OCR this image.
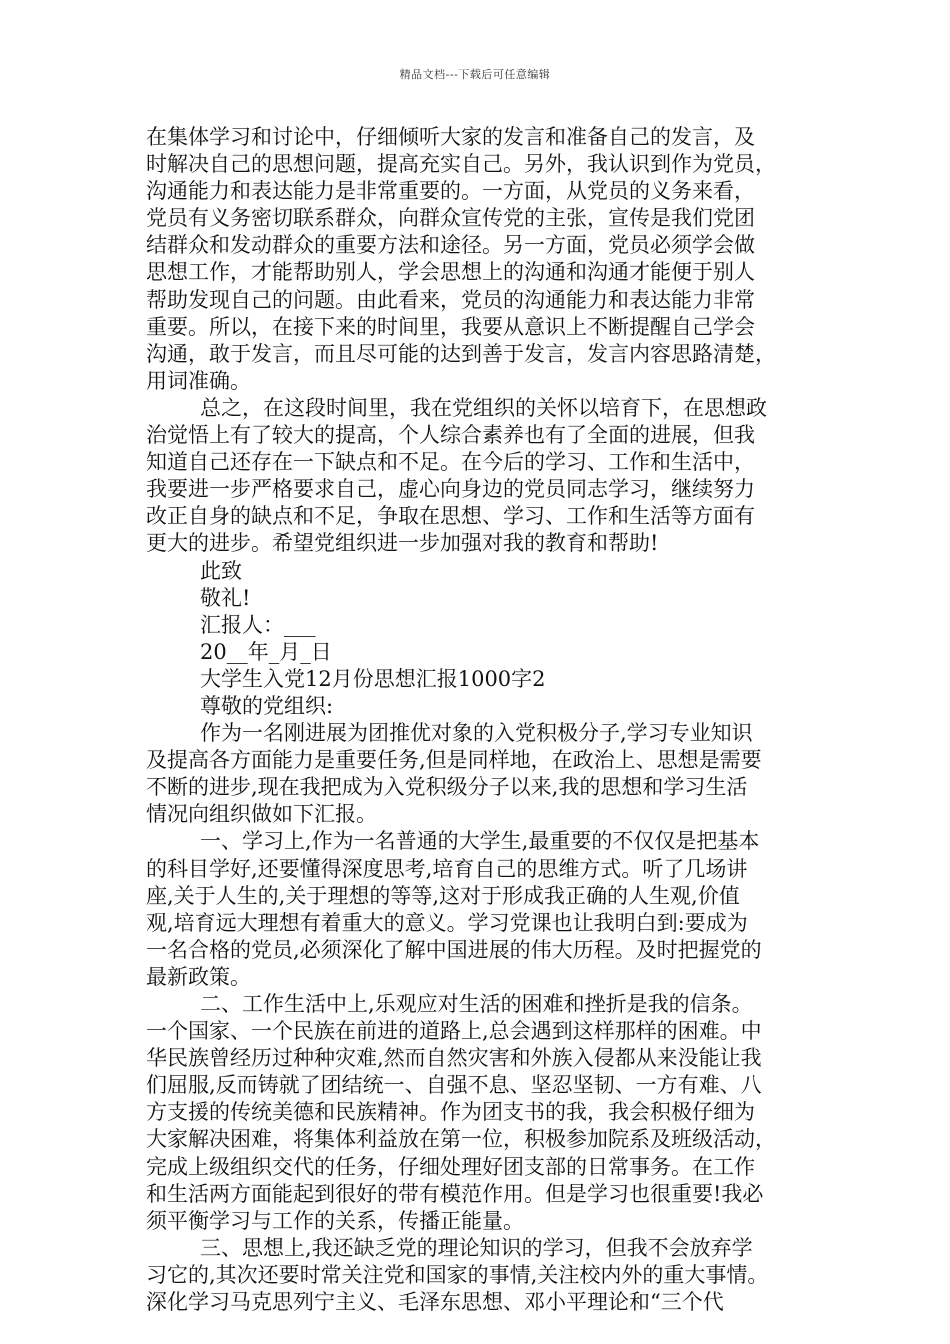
精品文档---下载后可任意编辑
在集体学习和讨论中，仔细倾听大家的发言和准备自己的发言，及
时解决自己的思想问题，提高充实自己。另外，我认识到作为党员，
沟通能力和表达能力是非常重要的。一方面，从党员的义务来看，
党员有义务密切联系群众，向群众宣传党的主张，宣传是我们党团
结群众和发动群众的重要方法和途径。另一方面，党员必须学会做
思想工作，才能帮助别人，学会思想上的沟通和沟通才能便于别人
帮助发现自己的问题。由此看来，党员的沟通能力和表达能力非常
重要。所以，在接下来的时间里，我要从意识上不断提醒自己学会
沟通，敢于发言，而且尽可能的达到善于发言，发言内容思路清楚，
用词准确。
总之，在这段时间里，我在党组织的关怀以培育下，在思想政
治觉悟上有了较大的提高，个人综合素养也有了全面的进展，但我
知道自己还存在一下缺点和不足。在今后的学习、工作和生活中，
我要进一步严格要求自己，虚心向身边的党员同志学习，继续努力
改正自身的缺点和不足，争取在思想、学习、工作和生活等方面有
更大的进步。希望党组织进一步加强对我的教育和帮助!
此致
敬礼!
汇报人：___
20__年_月_日
大学生入党12月份思想汇报1000字2
尊敬的党组织:
作为一名刚进展为团推优对象的入党积极分子,学习专业知识
及提高各方面能力是重要任务,但是同样地，在政治上、思想是需要
不断的进步,现在我把成为入党积级分子以来,我的思想和学习生活
情况向组织做如下汇报。
一、学习上,作为一名普通的大学生,最重要的不仅仅是把基本
的科目学好,还要懂得深度思考,培育自己的思维方式。听了几场讲
座,关于人生的,关于理想的等等,这对于形成我正确的人生观,价值
观,培育远大理想有着重大的意义。学习党课也让我明白到:要成为
一名合格的党员,必须深化了解中国进展的伟大历程。及时把握党的
最新政策。
二、工作生活中上,乐观应对生活的困难和挫折是我的信条。
一个国家、一个民族在前进的道路上,总会遇到这样那样的困难。中
华民族曾经历过种种灾难,然而自然灾害和外族入侵都从来没能让我
们屈服,反而铸就了团结统一、自强不息、坚忍坚韧、一方有难、八
方支援的传统美德和民族精神。作为团支书的我，我会积极仔细为
大家解决困难，将集体利益放在第一位，积极参加院系及班级活动，
完成上级组织交代的任务，仔细处理好团支部的日常事务。在工作
和生活两方面能起到很好的带有模范作用。但是学习也很重要!我必
须平衡学习与工作的关系，传播正能量。
三、思想上,我还缺乏党的理论知识的学习，但我不会放弃学
习它的,其次还要时常关注党和国家的事情,关注校内外的重大事情。
深化学习马克思列宁主义、毛泽东思想、邓小平理论和“三个代
